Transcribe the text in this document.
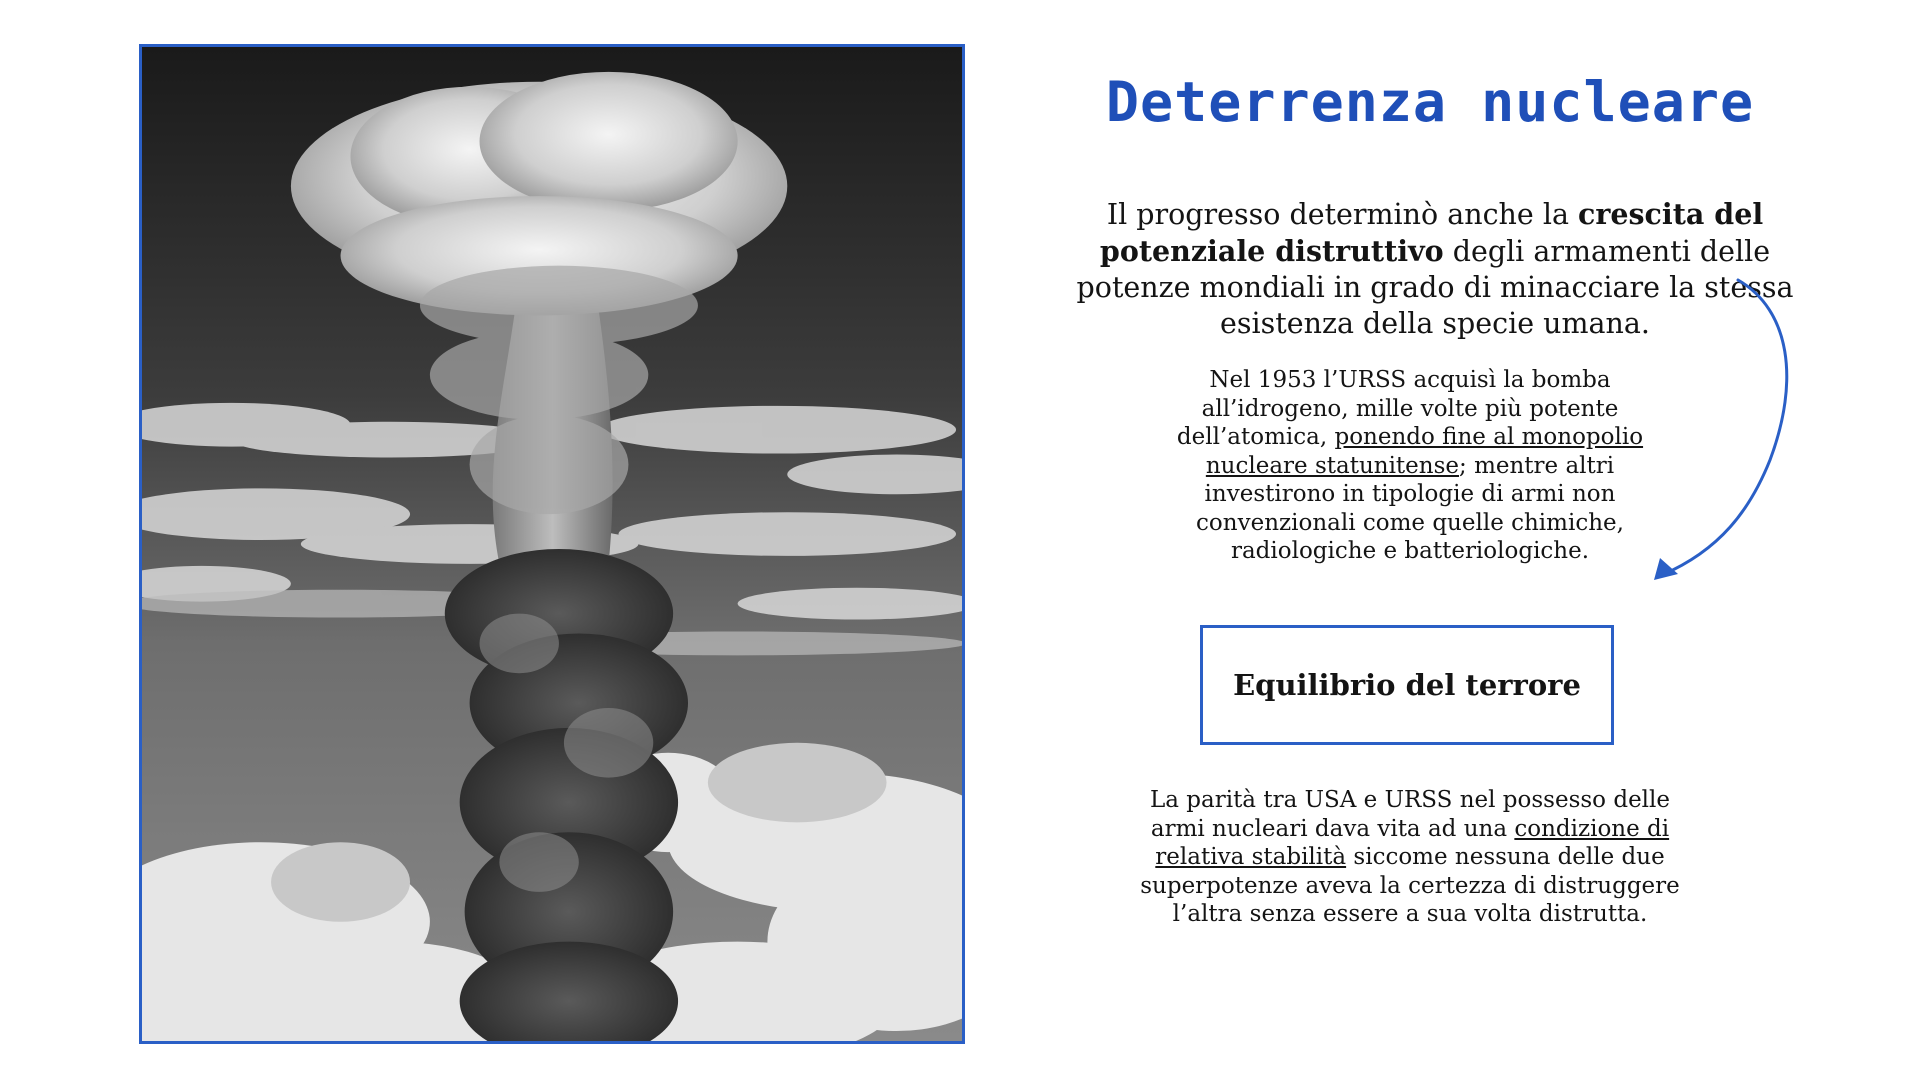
Deterrenza nucleare

Il progresso determinò anche la crescita del potenziale distruttivo degli armamenti delle potenze mondiali in grado di minacciare la stessa esistenza della specie umana.

Nel 1953 l’URSS acquisì la bomba all’idrogeno, mille volte più potente dell’atomica, ponendo fine al monopolio nucleare statunitense; mentre altri investirono in tipologie di armi non convenzionali come quelle chimiche, radiologiche e batteriologiche.

Equilibrio del terrore

La parità tra USA e URSS nel possesso delle armi nucleari dava vita ad una condizione di relativa stabilità siccome nessuna delle due superpotenze aveva la certezza di distruggere l’altra senza essere a sua volta distrutta.
